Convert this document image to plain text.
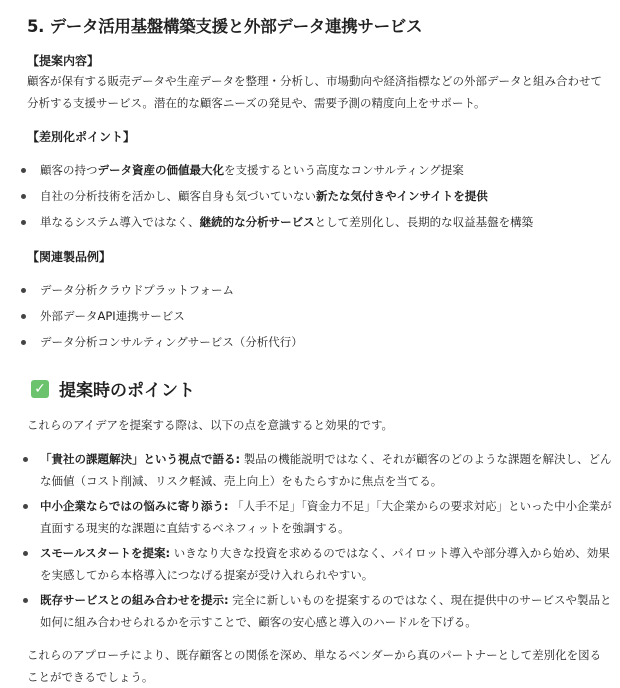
5. データ活用基盤構築支援と外部データ連携サービス
【提案内容】
顧客が保有する販売データや生産データを整理・分析し、市場動向や経済指標などの外部データと組み合わせて分析する支援サービス。潜在的な顧客ニーズの発見や、需要予測の精度向上をサポート。
【差別化ポイント】
顧客の持つデータ資産の価値最大化を支援するという高度なコンサルティング提案
自社の分析技術を活かし、顧客自身も気づいていない新たな気付きやインサイトを提供
単なるシステム導入ではなく、継続的な分析サービスとして差別化し、長期的な収益基盤を構築
【関連製品例】
データ分析クラウドプラットフォーム
外部データAPI連携サービス
データ分析コンサルティングサービス（分析代行）
✓ 提案時のポイント
これらのアイデアを提案する際は、以下の点を意識すると効果的です。
「貴社の課題解決」という視点で語る: 製品の機能説明ではなく、それが顧客のどのような課題を解決し、どんな価値（コスト削減、リスク軽減、売上向上）をもたらすかに焦点を当てる。
中小企業ならではの悩みに寄り添う: 「人手不足」「資金力不足」「大企業からの要求対応」といった中小企業が直面する現実的な課題に直結するベネフィットを強調する。
スモールスタートを提案: いきなり大きな投資を求めるのではなく、パイロット導入や部分導入から始め、効果を実感してから本格導入につなげる提案が受け入れられやすい。
既存サービスとの組み合わせを提示: 完全に新しいものを提案するのではなく、現在提供中のサービスや製品と如何に組み合わせられるかを示すことで、顧客の安心感と導入のハードルを下げる。
これらのアプローチにより、既存顧客との関係を深め、単なるベンダーから真のパートナーとして差別化を図ることができるでしょう。
